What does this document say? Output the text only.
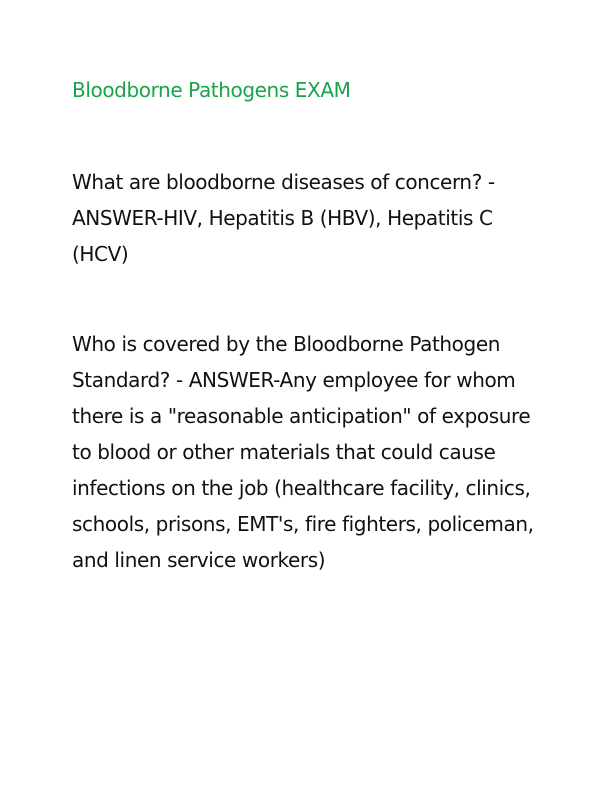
Bloodborne Pathogens EXAM
What are bloodborne diseases of concern? - ANSWER-HIV, Hepatitis B (HBV), Hepatitis C (HCV)
Who is covered by the Bloodborne Pathogen Standard? - ANSWER-Any employee for whom there is a "reasonable anticipation" of exposure to blood or other materials that could cause infections on the job (healthcare facility, clinics, schools, prisons, EMT's, fire fighters, policeman, and linen service workers)
